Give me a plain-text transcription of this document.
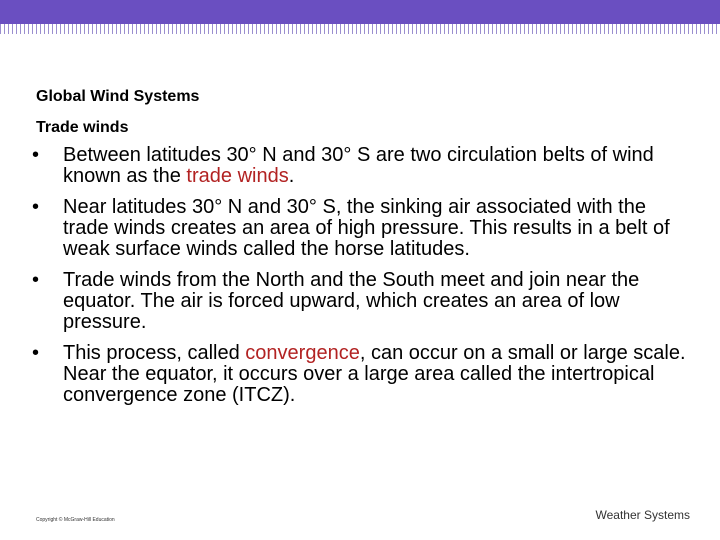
Global Wind Systems
Trade winds
• Between latitudes 30° N and 30° S are two circulation belts of wind known as the trade winds.
• Near latitudes 30° N and 30° S, the sinking air associated with the trade winds creates an area of high pressure. This results in a belt of weak surface winds called the horse latitudes.
• Trade winds from the North and the South meet and join near the equator. The air is forced upward, which creates an area of low pressure.
• This process, called convergence, can occur on a small or large scale. Near the equator, it occurs over a large area called the intertropical convergence zone (ITCZ).
Copyright © McGraw-Hill Education	Weather Systems
